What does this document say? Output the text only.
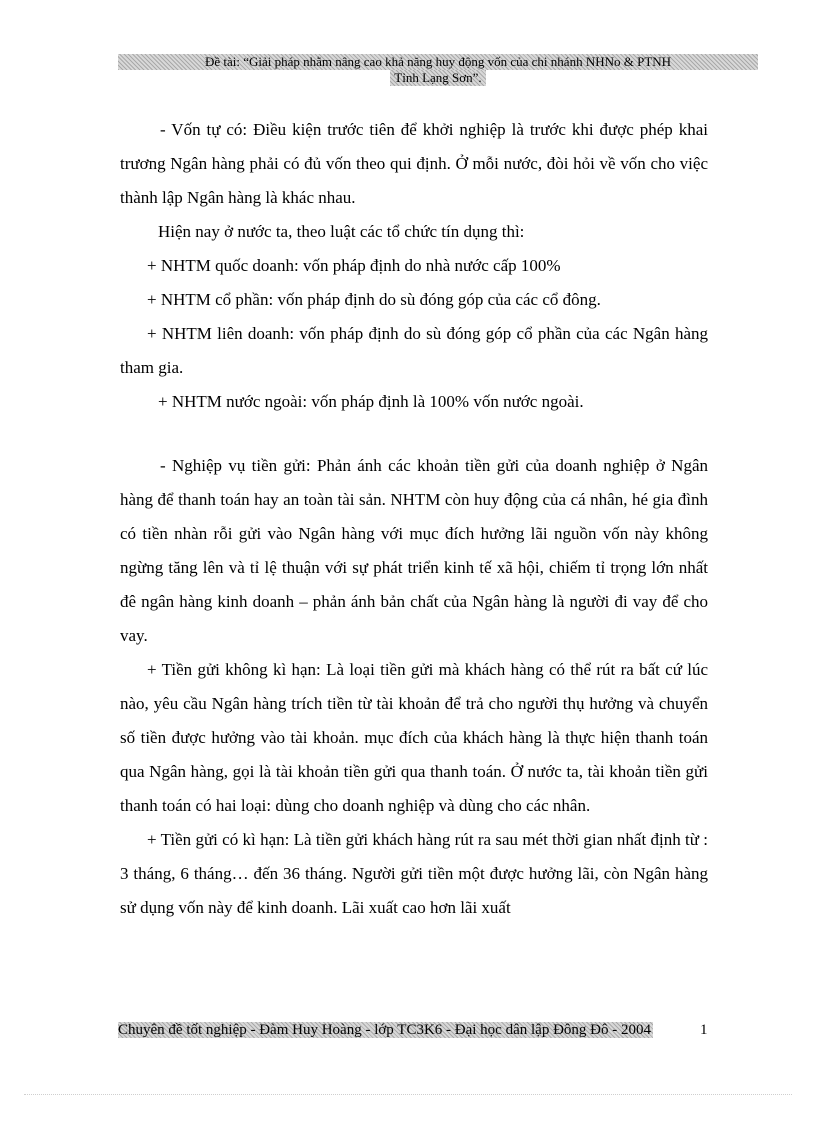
Đề tài: “Giải pháp nhằm nâng cao khả năng huy động vốn của chi nhánh NHNo & PTNH
Tỉnh Lạng Sơn”.

- Vốn tự có: Điều kiện trước tiên để khởi nghiệp là trước khi được phép khai trương Ngân hàng phải có đủ vốn theo qui định. Ở mỗi nước, đòi hỏi về vốn cho việc thành lập Ngân hàng là khác nhau.

Hiện nay ở nước ta, theo luật các tổ chức tín dụng thì:

+ NHTM quốc doanh: vốn pháp định do nhà nước cấp 100%

+ NHTM cổ phần: vốn pháp định do sù đóng góp của các cổ đông.

+ NHTM liên doanh: vốn pháp định do sù đóng góp cổ phần của các Ngân hàng tham gia.

+ NHTM nước ngoài: vốn pháp định là 100% vốn nước ngoài.

- Nghiệp vụ tiền gửi: Phản ánh các khoản tiền gửi của doanh nghiệp ở Ngân hàng để thanh toán hay an toàn tài sản. NHTM còn huy động của cá nhân, hé gia đình có tiền nhàn rỗi gửi vào Ngân hàng với mục đích hưởng lãi nguồn vốn này không ngừng tăng lên và tỉ lệ thuận với sự phát triển kinh tế xã hội, chiếm tỉ trọng lớn nhất đê ngân hàng kinh doanh – phản ánh bản chất của Ngân hàng là người đi vay để cho vay.

+ Tiền gửi không kì hạn: Là loại tiền gửi mà khách hàng có thể rút ra bất cứ lúc nào, yêu cầu Ngân hàng trích tiền từ tài khoản để trả cho người thụ hưởng và chuyển số tiền được hưởng vào tài khoản. mục đích của khách hàng là thực hiện thanh toán qua Ngân hàng, gọi là tài khoản tiền gửi qua thanh toán. Ở nước ta, tài khoản tiền gửi thanh toán có hai loại: dùng cho doanh nghiệp và dùng cho các nhân.

+ Tiền gửi có kì hạn: Là tiền gửi khách hàng rút ra sau mét thời gian nhất định từ : 3 tháng, 6 tháng… đến 36 tháng. Người gửi tiền một được hưởng lãi, còn Ngân hàng sử dụng vốn này để kinh doanh. Lãi xuất cao hơn lãi xuất

Chuyên đề tốt nghiệp - Đàm Huy Hoàng - lớp TC3K6 - Đại học dân lập Đông Đô - 2004	1
